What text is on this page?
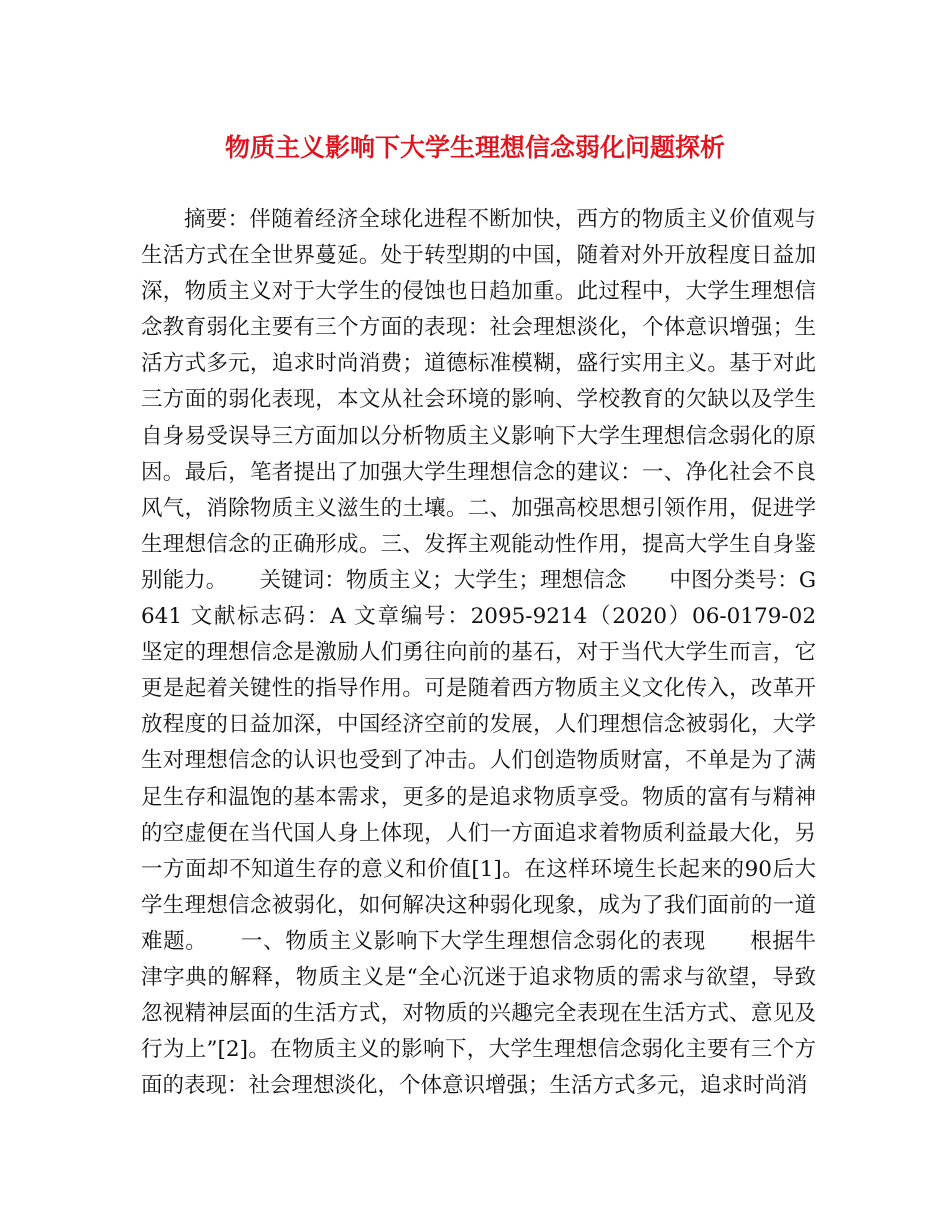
物质主义影响下大学生理想信念弱化问题探析

摘要：伴随着经济全球化进程不断加快，西方的物质主义价值观与生活方式在全世界蔓延。处于转型期的中国，随着对外开放程度日益加深，物质主义对于大学生的侵蚀也日趋加重。此过程中，大学生理想信念教育弱化主要有三个方面的表现：社会理想淡化，个体意识增强；生活方式多元，追求时尚消费；道德标准模糊，盛行实用主义。基于对此三方面的弱化表现，本文从社会环境的影响、学校教育的欠缺以及学生自身易受误导三方面加以分析物质主义影响下大学生理想信念弱化的原因。最后，笔者提出了加强大学生理想信念的建议：一、净化社会不良风气，消除物质主义滋生的土壤。二、加强高校思想引领作用，促进学生理想信念的正确形成。三、发挥主观能动性作用，提高大学生自身鉴别能力。　　关键词：物质主义；大学生；理想信念　　中图分类号：G641 文献标志码：A 文章编号：2095-9214（2020）06-0179-02　　坚定的理想信念是激励人们勇往向前的基石，对于当代大学生而言，它更是起着关键性的指导作用。可是随着西方物质主义文化传入，改革开放程度的日益加深，中国经济空前的发展，人们理想信念被弱化，大学生对理想信念的认识也受到了冲击。人们创造物质财富，不单是为了满足生存和温饱的基本需求，更多的是追求物质享受。物质的富有与精神的空虚便在当代国人身上体现，人们一方面追求着物质利益最大化，另一方面却不知道生存的意义和价值[1]。在这样环境生长起来的90后大学生理想信念被弱化，如何解决这种弱化现象，成为了我们面前的一道难题。　　一、物质主义影响下大学生理想信念弱化的表现　　根据牛津字典的解释，物质主义是“全心沉迷于追求物质的需求与欲望，导致忽视精神层面的生活方式，对物质的兴趣完全表现在生活方式、意见及行为上”[2]。在物质主义的影响下，大学生理想信念弱化主要有三个方面的表现：社会理想淡化，个体意识增强；生活方式多元，追求时尚消
